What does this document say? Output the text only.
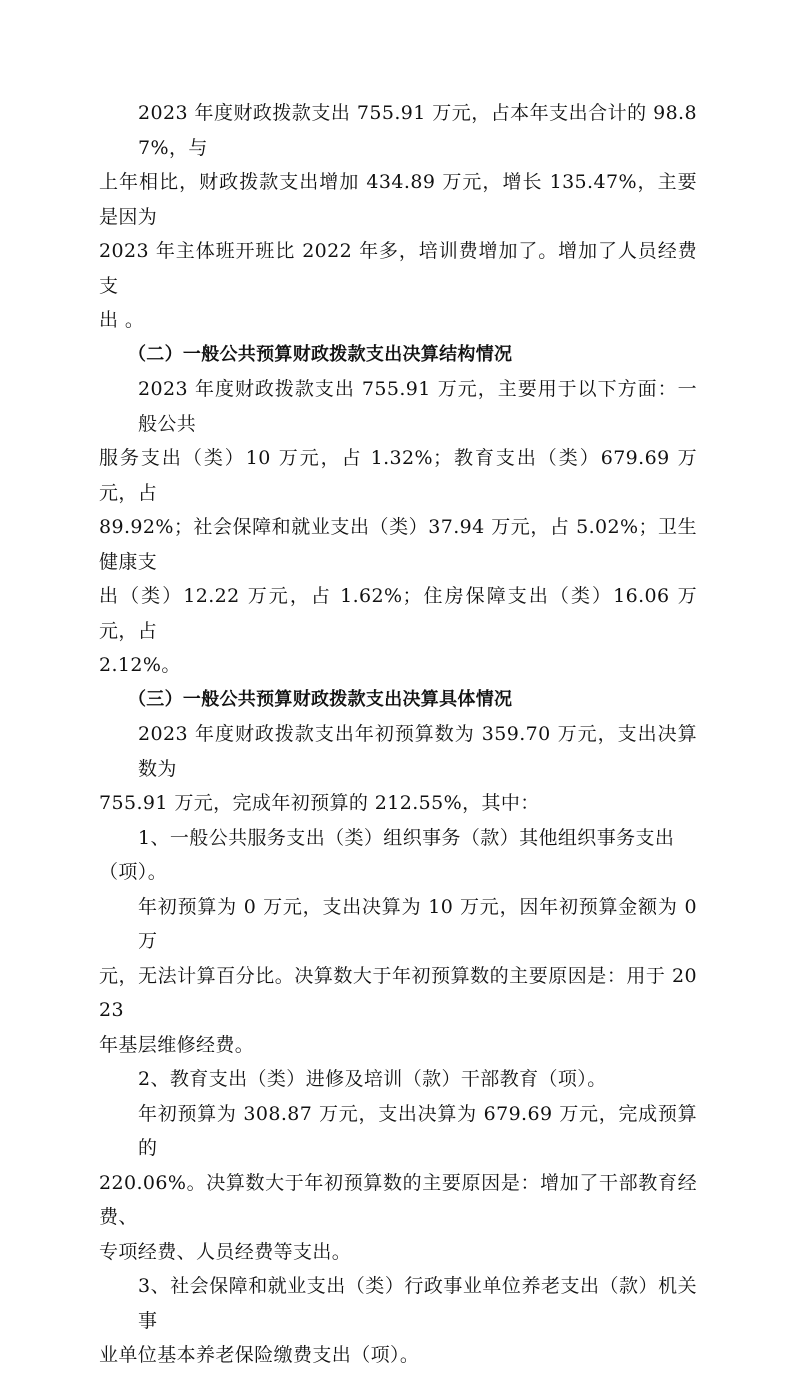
2023 年度财政拨款支出 755.91 万元，占本年支出合计的 98.87%，与
上年相比，财政拨款支出增加 434.89 万元，增长 135.47%，主要是因为
2023 年主体班开班比 2022 年多，培训费增加了。增加了人员经费支
出 。

（二）一般公共预算财政拨款支出决算结构情况

2023 年度财政拨款支出 755.91 万元，主要用于以下方面：一般公共
服务支出（类）10 万元，占 1.32%；教育支出（类）679.69 万元，占
89.92%；社会保障和就业支出（类）37.94 万元，占 5.02%；卫生健康支
出（类）12.22 万元，占 1.62%；住房保障支出（类）16.06 万元，占
2.12%。

（三）一般公共预算财政拨款支出决算具体情况

2023 年度财政拨款支出年初预算数为 359.70 万元，支出决算数为
755.91 万元，完成年初预算的 212.55%，其中：

1、一般公共服务支出（类）组织事务（款）其他组织事务支出
（项）。

年初预算为 0 万元，支出决算为 10 万元，因年初预算金额为 0 万
元，无法计算百分比。决算数大于年初预算数的主要原因是：用于 2023
年基层维修经费。

2、教育支出（类）进修及培训（款）干部教育（项）。

年初预算为 308.87 万元，支出决算为 679.69 万元，完成预算的
220.06%。决算数大于年初预算数的主要原因是：增加了干部教育经费、
专项经费、人员经费等支出。

3、社会保障和就业支出（类）行政事业单位养老支出（款）机关事
业单位基本养老保险缴费支出（项）。
